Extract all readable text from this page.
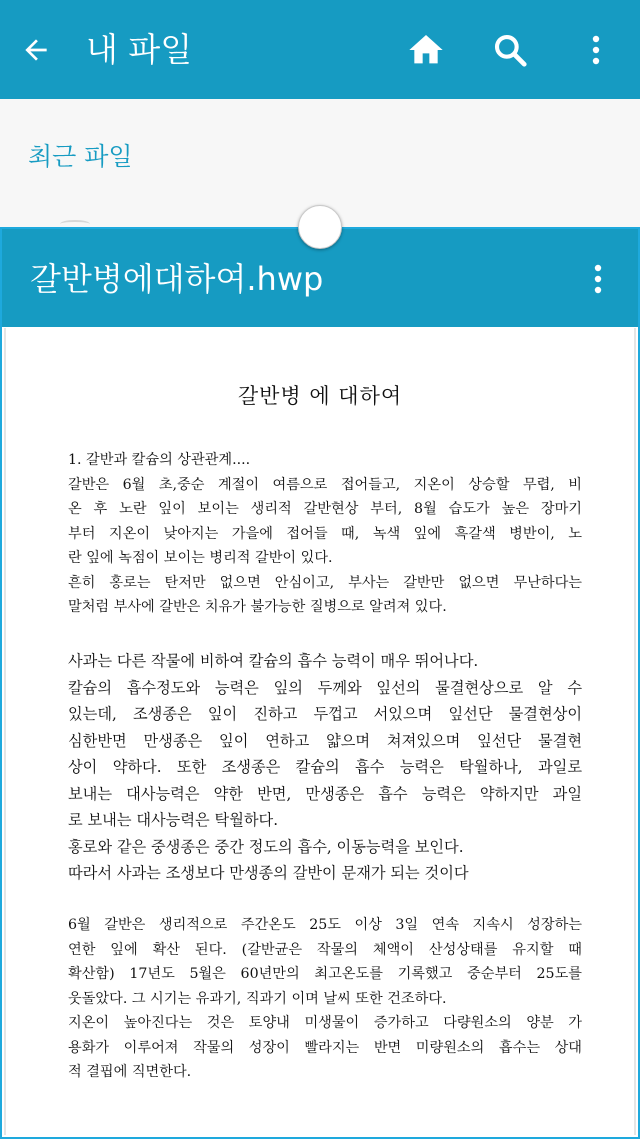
내 파일
최근 파일
갈반병에대하여.hwp
갈반병 에 대하여
1. 갈반과 칼슘의 상관관계....
갈반은 6월 초,중순 계절이 여름으로 접어들고, 지온이 상승할 무렵, 비
온 후 노란 잎이 보이는 생리적 갈반현상 부터, 8월 습도가 높은 장마기
부터 지온이 낮아지는 가을에 접어들 때, 녹색 잎에 흑갈색 병반이, 노
란 잎에 녹점이 보이는 병리적 갈반이 있다.
흔히 홍로는 탄저만 없으면 안심이고, 부사는 갈반만 없으면 무난하다는
말처럼 부사에 갈반은 치유가 불가능한 질병으로 알려져 있다.
사과는 다른 작물에 비하여 칼슘의 흡수 능력이 매우 뛰어나다.
칼슘의 흡수정도와 능력은 잎의 두께와 잎선의 물결현상으로 알 수
있는데, 조생종은 잎이 진하고 두껍고 서있으며 잎선단 물결현상이
심한반면 만생종은 잎이 연하고 얇으며 쳐져있으며 잎선단 물결현
상이 약하다. 또한 조생종은 칼슘의 흡수 능력은 탁월하나, 과일로
보내는 대사능력은 약한 반면, 만생종은 흡수 능력은 약하지만 과일
로 보내는 대사능력은 탁월하다.
홍로와 같은 중생종은 중간 정도의 흡수, 이동능력을 보인다.
따라서 사과는 조생보다 만생종의 갈반이 문재가 되는 것이다
6월 갈반은 생리적으로 주간온도 25도 이상 3일 연속 지속시 성장하는
연한 잎에 확산 된다. (갈반균은 작물의 체액이 산성상태를 유지할 때
확산함) 17년도 5월은 60년만의 최고온도를 기록했고 중순부터 25도를
웃돌았다. 그 시기는 유과기, 직과기 이며 날씨 또한 건조하다.
지온이 높아진다는 것은 토양내 미생물이 증가하고 다량원소의 양분 가
용화가 이루어져 작물의 성장이 빨라지는 반면 미량원소의 흡수는 상대
적 결핍에 직면한다.
